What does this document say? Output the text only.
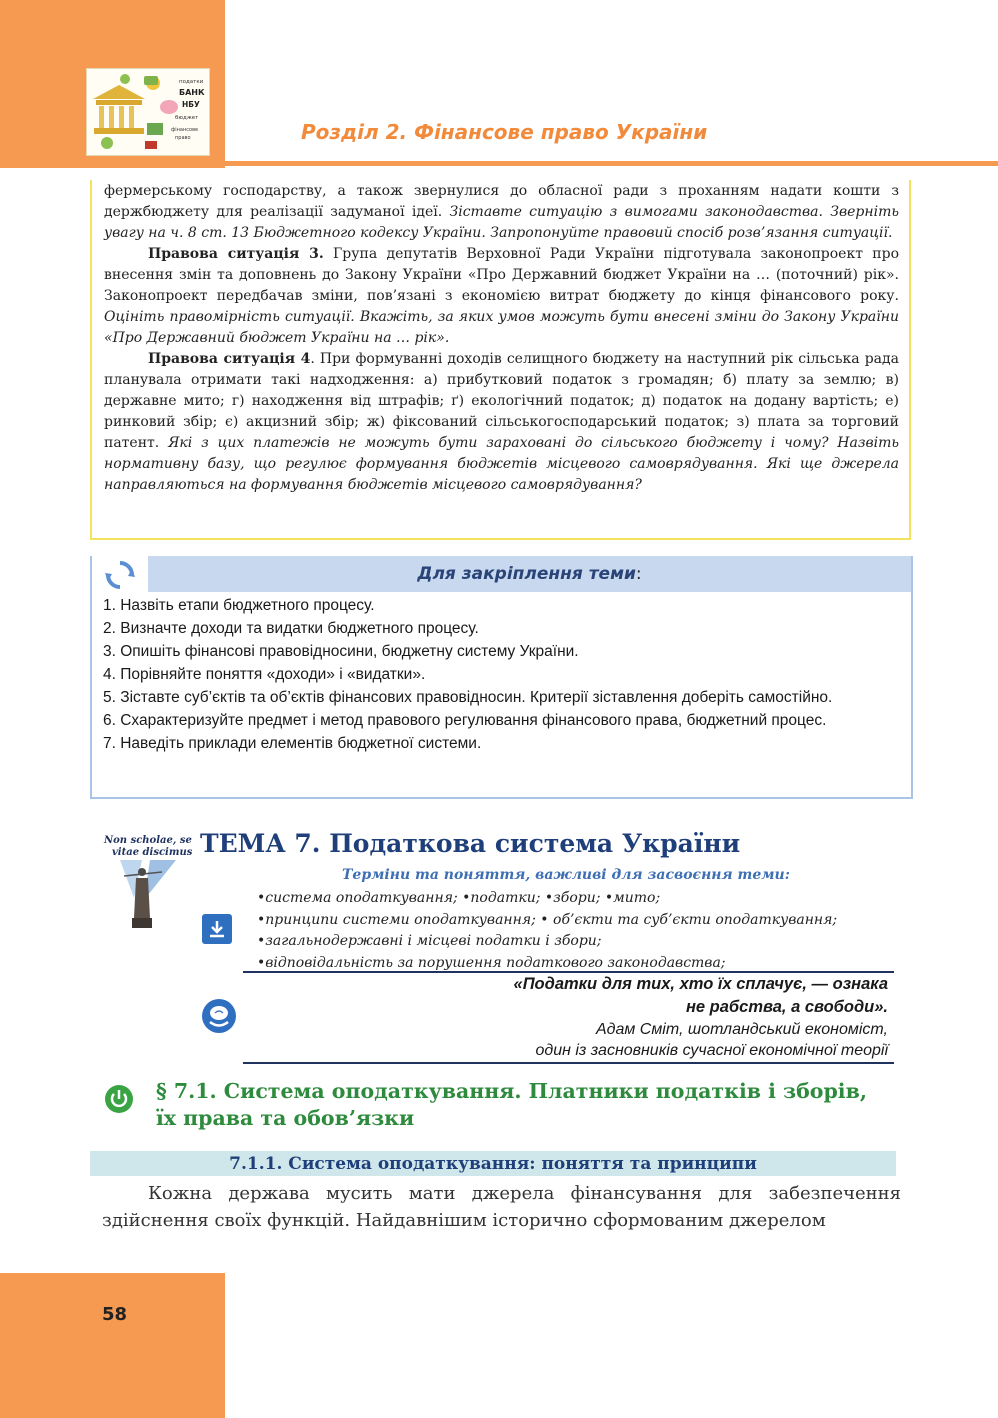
податки
БАНК
НБУ
бюджет
фінансове
право	Розділ 2. Фінансове право України

фермерському господарству, а також звернулися до обласної ради з проханням надати кошти з держбюджету для реалізації задуманої ідеї. Зіставте ситуацію з вимогами законодавства. Зверніть увагу на ч. 8 ст. 13 Бюджетного кодексу України. Запропонуйте правовий спосіб розв’язання ситуації.

Правова ситуація 3. Група депутатів Верховної Ради України підготувала законопроект про внесення змін та доповнень до Закону України «Про Державний бюджет України на … (поточний) рік». Законопроект передбачав зміни, пов’язані з економією витрат бюджету до кінця фінансового року. Оцініть правомірність ситуації. Вкажіть, за яких умов можуть бути внесені зміни до Закону України «Про Державний бюджет України на … рік».

Правова ситуація 4. При формуванні доходів селищного бюджету на наступний рік сільська рада планувала отримати такі надходження: а) прибутковий податок з громадян; б) плату за землю; в) державне мито; г) находження від штрафів; ґ) екологічний податок; д) податок на додану вартість; е) ринковий збір; є) акцизний збір; ж) фіксований сільськогосподарський податок; з) плата за торговий патент. Які з цих платежів не можуть бути зараховані до сільського бюджету і чому? Назвіть нормативну базу, що регулює формування бюджетів місцевого самоврядування. Які ще джерела направляються на формування бюджетів місцевого самоврядування?

Для закріплення теми:
1. Назвіть етапи бюджетного процесу.
2. Визначте доходи та видатки бюджетного процесу.
3. Опишіть фінансові правовідносини, бюджетну систему України.
4. Порівняйте поняття «доходи» і «видатки».
5. Зіставте суб’єктів та об’єктів фінансових правовідносин. Критерії зіставлення доберіть самостійно.
6. Схарактеризуйте предмет і метод правового регулювання фінансового права, бюджетний процес.
7. Наведіть приклади елементів бюджетної системи.
Non scholae, sed
vitae discimus ТЕМА 7. Податкова система України
Терміни та поняття, важливі для засвоєння теми:
•система оподаткування; •податки; •збори; •мито;
•принципи системи оподаткування; • об’єкти та суб’єкти оподаткування;
•загальнодержавні і місцеві податки і збори;
•відповідальність за порушення податкового законодавства;
«Податки для тих, хто їх сплачує, — ознака
не рабства, а свободи».
Адам Сміт, шотландський економіст,
один із засновників сучасної економічної теорії
§ 7.1. Система оподаткування. Платники податків і зборів, їх права та обов’язки
7.1.1. Система оподаткування: поняття та принципи

Кожна держава мусить мати джерела фінансування для забезпечення здійснення своїх функцій. Найдавнішим історично сформованим джерелом

58
